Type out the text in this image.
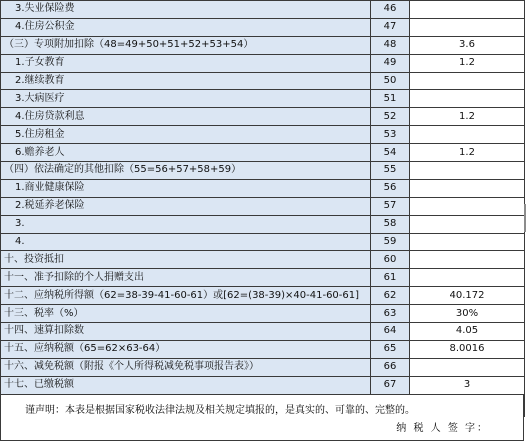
3.失业保险费	46	
4.住房公积金	47	
（三）专项附加扣除（48=49+50+51+52+53+54）	48	3.6
1.子女教育	49	1.2
2.继续教育	50	
3.大病医疗	51	
4.住房贷款利息	52	1.2
5.住房租金	53	
6.赡养老人	54	1.2
（四）依法确定的其他扣除（55=56+57+58+59）	55	
1.商业健康保险	56	
2.税延养老保险	57	
3.	58	
4.	59	
十、投资抵扣	60	
十一、准予扣除的个人捐赠支出	61	
十二、应纳税所得额（62=38-39-41-60-61）或[62=(38-39)×40-41-60-61]	62	40.172
十三、税率（%）	63	30%
十四、速算扣除数	64	4.05
十五、应纳税额（65=62×63-64）	65	8.0016
十六、减免税额（附报《个人所得税减免税事项报告表》）	66	
十七、已缴税额	67	3

谨声明：本表是根据国家税收法律法规及相关规定填报的，是真实的、可靠的、完整的。
纳 税 人 签 字：
